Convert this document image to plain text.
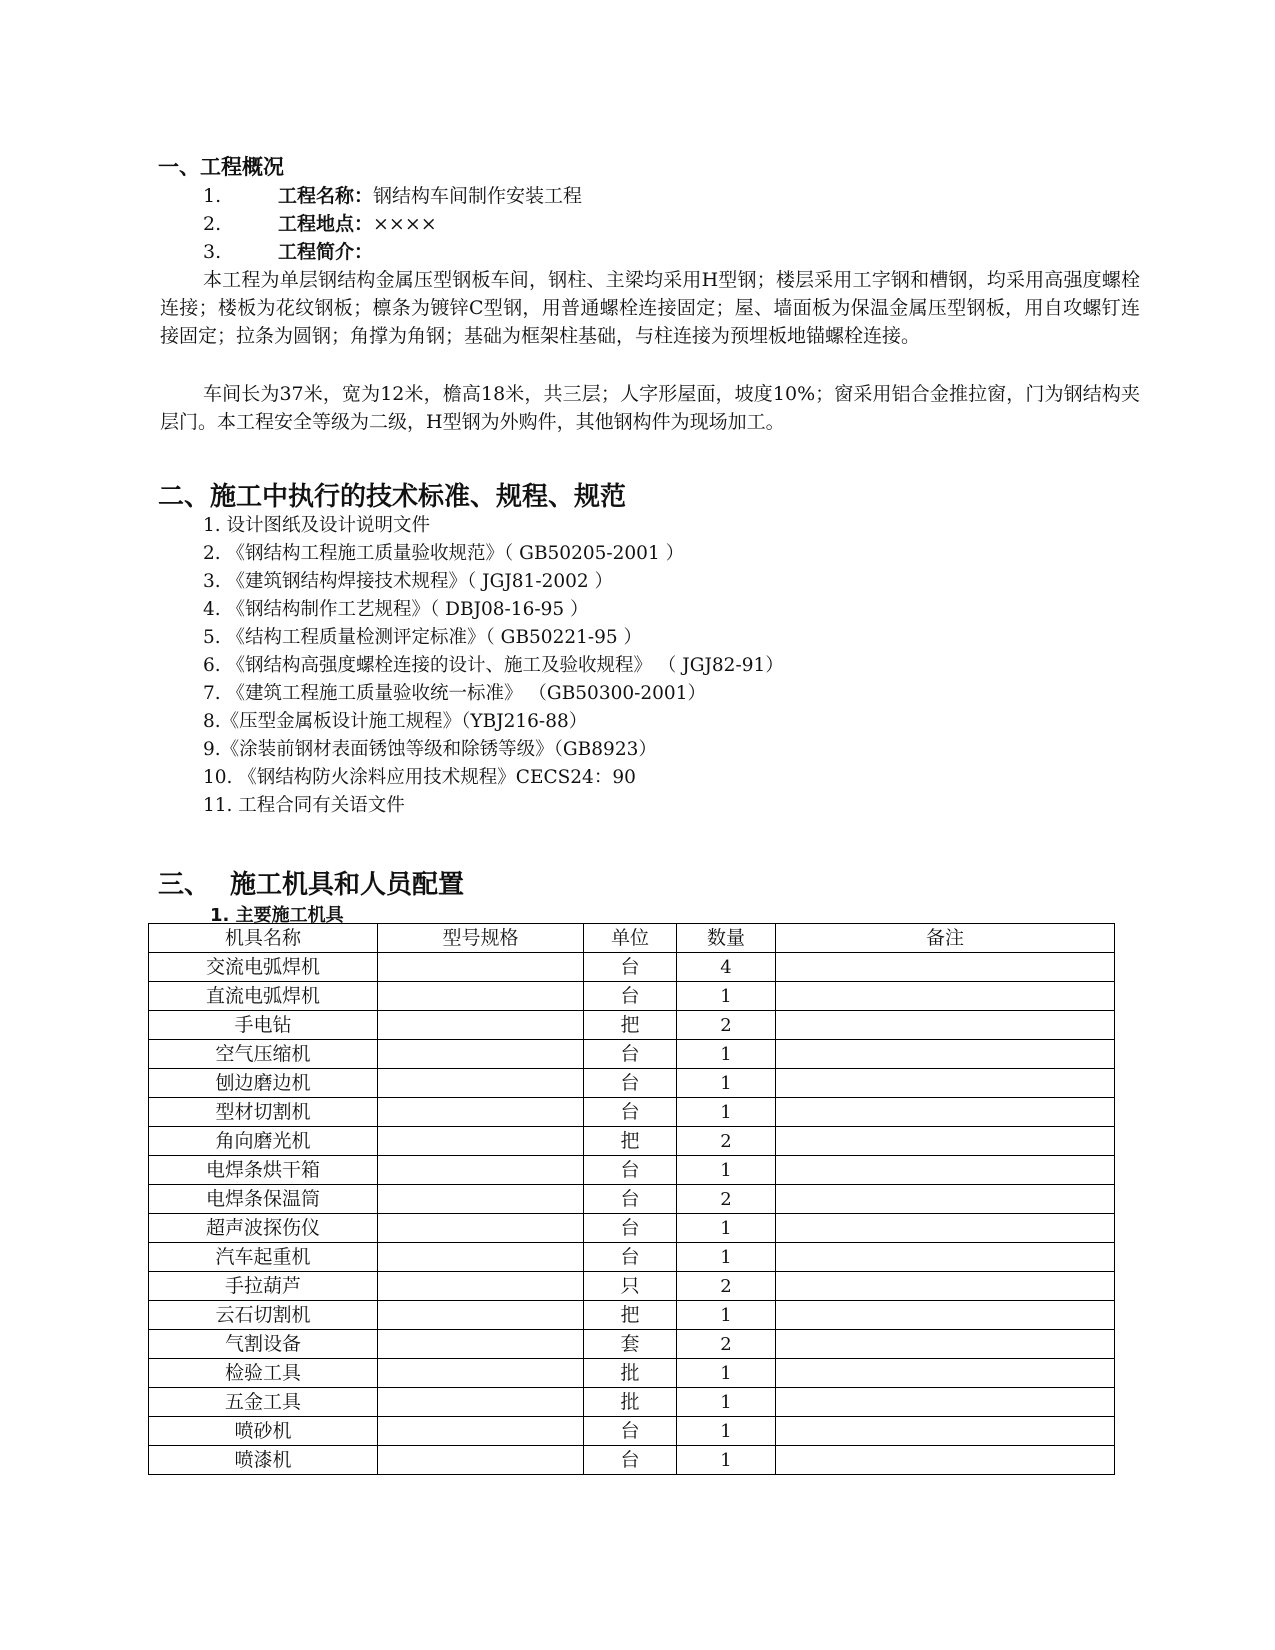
一、工程概况
1.	工程名称：钢结构车间制作安装工程
2.	工程地点：××××
3.	工程简介：

本工程为单层钢结构金属压型钢板车间，钢柱、主梁均采用H型钢；楼层采用工字钢和槽钢，均采用高强度螺栓连接；楼板为花纹钢板；檩条为镀锌C型钢，用普通螺栓连接固定；屋、墙面板为保温金属压型钢板，用自攻螺钉连接固定；拉条为圆钢；角撑为角钢；基础为框架柱基础，与柱连接为预埋板地锚螺栓连接。

车间长为37米，宽为12米，檐高18米，共三层；人字形屋面，坡度10%；窗采用铝合金推拉窗，门为钢结构夹层门。本工程安全等级为二级，H型钢为外购件，其他钢构件为现场加工。

二、施工中执行的技术标准、规程、规范
1. 设计图纸及设计说明文件
2. 《钢结构工程施工质量验收规范》（ GB50205-2001 ）
3. 《建筑钢结构焊接技术规程》（ JGJ81-2002 ）
4. 《钢结构制作工艺规程》（ DBJ08-16-95 ）
5. 《结构工程质量检测评定标准》（ GB50221-95 ）
6. 《钢结构高强度螺栓连接的设计、施工及验收规程》 （ JGJ82-91）
7. 《建筑工程施工质量验收统一标准》 （GB50300-2001）
8.《压型金属板设计施工规程》（YBJ216-88）
9.《涂装前钢材表面锈蚀等级和除锈等级》（GB8923）
10. 《钢结构防火涂料应用技术规程》CECS24：90
11. 工程合同有关语文件
三、 施工机具和人员配置
1. 主要施工机具
机具名称	型号规格	单位	数量	备注
交流电弧焊机		台	4	
直流电弧焊机		台	1	
手电钻		把	2	
空气压缩机		台	1	
刨边磨边机		台	1	
型材切割机		台	1	
角向磨光机		把	2	
电焊条烘干箱		台	1	
电焊条保温筒		台	2	
超声波探伤仪		台	1	
汽车起重机		台	1	
手拉葫芦		只	2	
云石切割机		把	1	
气割设备		套	2	
检验工具		批	1	
五金工具		批	1	
喷砂机		台	1	
喷漆机		台	1	
